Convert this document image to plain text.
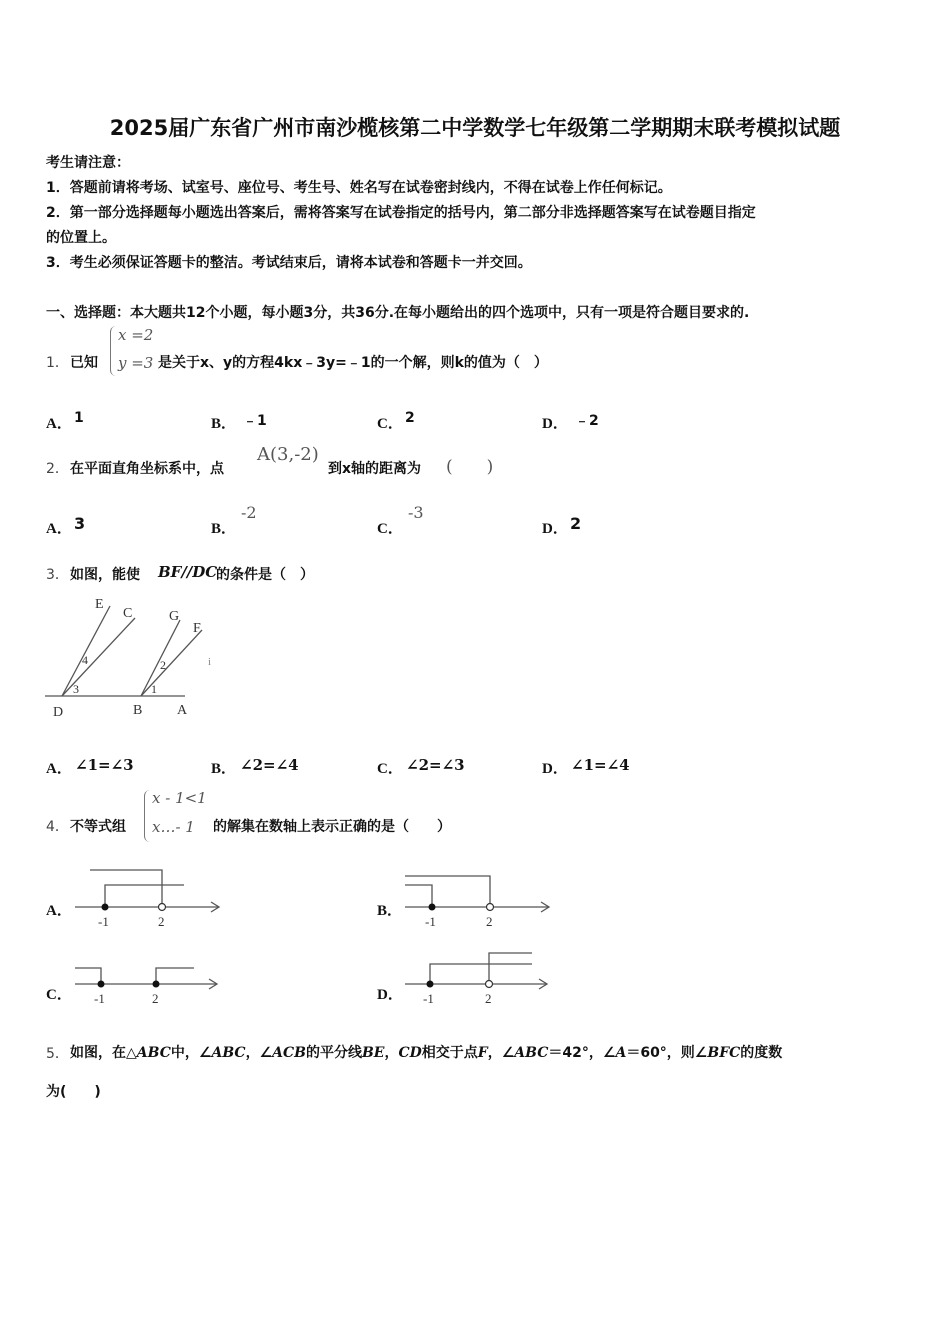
2025届广东省广州市南沙榄核第二中学数学七年级第二学期期末联考模拟试题
考生请注意：
1．答题前请将考场、试室号、座位号、考生号、姓名写在试卷密封线内，不得在试卷上作任何标记。
2．第一部分选择题每小题选出答案后，需将答案写在试卷指定的括号内，第二部分非选择题答案写在试卷题目指定
的位置上。
3．考生必须保证答题卡的整洁。考试结束后，请将本试卷和答题卡一并交回。
一、选择题：本大题共12个小题，每小题3分，共36分.在每小题给出的四个选项中，只有一项是符合题目要求的.
1． 已知
x =2
y =3 是关于x、y的方程4kx﹣3y=﹣1的一个解，则k的值为（　）
A． 1	B． ﹣1	C． 2	D． ﹣2
2． 在平面直角坐标系中，点
A(3,‐2)
到x轴的距离为 (　　)
A． 3	B．
‐2
C．
‐3
D． 2
3． 如图，能使 BF//DC
的条件是（　）
E
C	G
F
D	B A
4
3
2
1
i
A． ∠1=∠3	B． ∠2=∠4	C． ∠2=∠3	D． ∠1=∠4
4． 不等式组
x - 1<1
x…- 1 的解集在数轴上表示正确的是（　　）
A．
-1	2
B．
-1	2
C． -1	2	D． -1	2
5． 如图，在△ABC中，∠ABC，∠ACB的平分线BE，CD相交于点F，∠ABC＝42°，∠A＝60°，则∠BFC的度数
为(　　)
